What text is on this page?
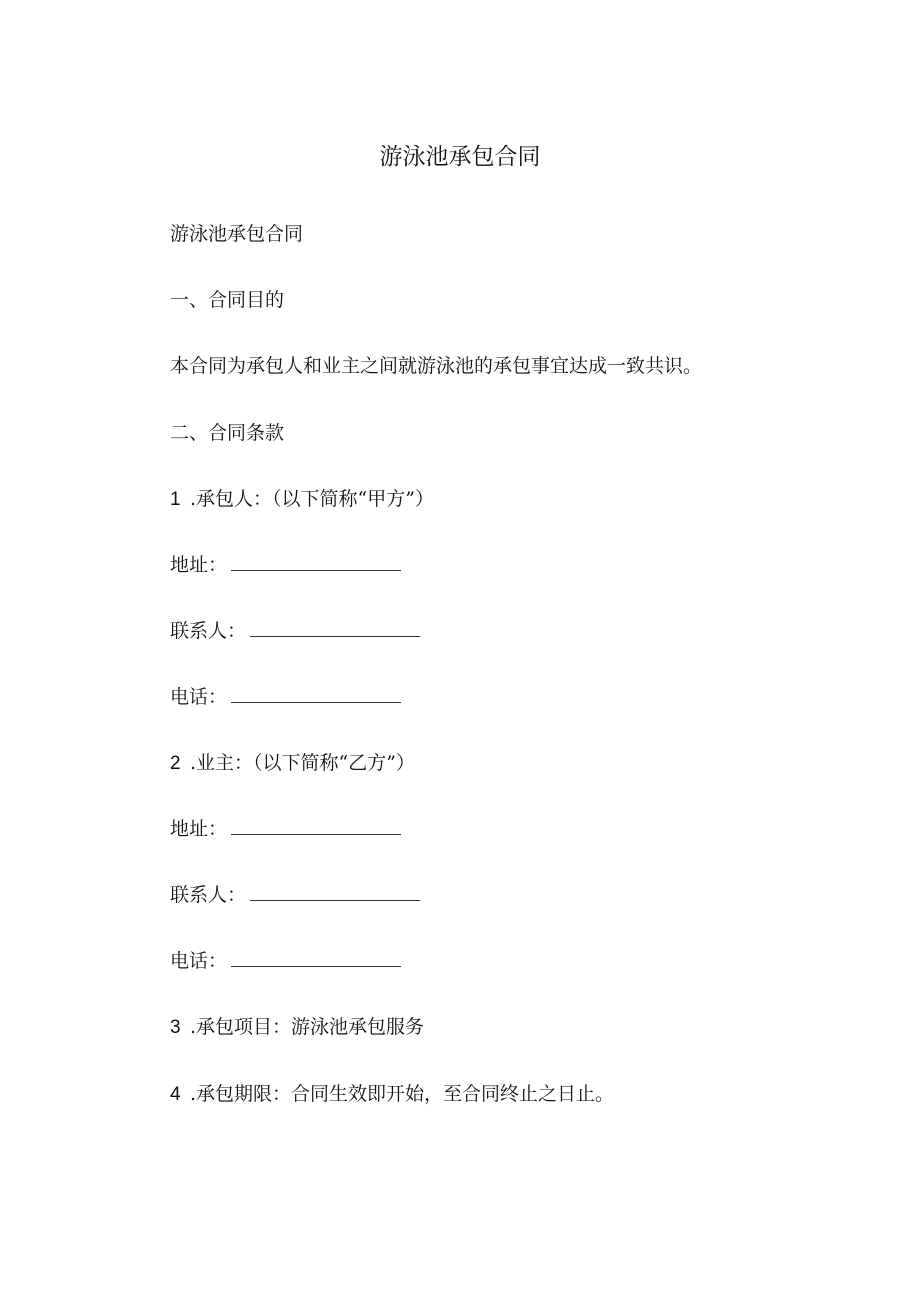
游泳池承包合同
游泳池承包合同
一、合同目的
本合同为承包人和业主之间就游泳池的承包事宜达成一致共识。
二、合同条款
1 .承包人：（以下简称“甲方”）
地址：
联系人：
电话：
2 .业主：（以下简称“乙方”）
地址：
联系人：
电话：
3 .承包项目：游泳池承包服务
4 .承包期限：合同生效即开始，至合同终止之日止。
